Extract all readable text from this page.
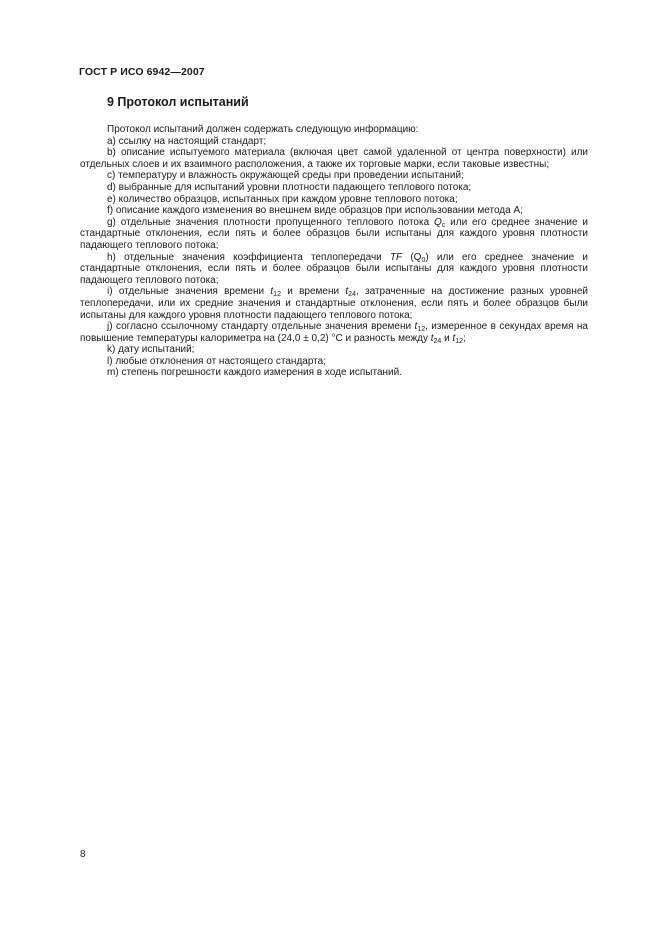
ГОСТ Р ИСО 6942—2007
9 Протокол испытаний

Протокол испытаний должен содержать следующую информацию:

а) ссылку на настоящий стандарт;

b) описание испытуемого материала (включая цвет самой удаленной от центра поверхности) или отдельных слоев и их взаимного расположения, а также их торговые марки, если таковые известны;

с) температуру и влажность окружающей среды при проведении испытаний;

d) выбранные для испытаний уровни плотности падающего теплового потока;

е) количество образцов, испытанных при каждом уровне теплового потока;

f) описание каждого изменения во внешнем виде образцов при использовании метода А;

g) отдельные значения плотности пропущенного теплового потока $Q_c$ или его среднее значение и стандартные отклонения, если пять и более образцов были испытаны для каждого уровня плотности падающего теплового потока;

h) отдельные значения коэффициента теплопередачи TF $(Q_0)$ или его среднее значение и стандартные отклонения, если пять и более образцов были испытаны для каждого уровня плотности падающего теплового потока;

i) отдельные значения времени $t_{12}$ и времени $t_{24}$, затраченные на достижение разных уровней теплопередачи, или их средние значения и стандартные отклонения, если пять и более образцов были испытаны для каждого уровня плотности падающего теплового потока;

j) согласно ссылочному стандарту отдельные значения времени $t_{12}$, измеренное в секундах время на повышение температуры калориметра на (24,0 ± 0,2) °С и разность между $t_{24}$ и $t_{12}$;

k) дату испытаний;

l) любые отклонения от настоящего стандарта;

m) степень погрешности каждого измерения в ходе испытаний.

8
